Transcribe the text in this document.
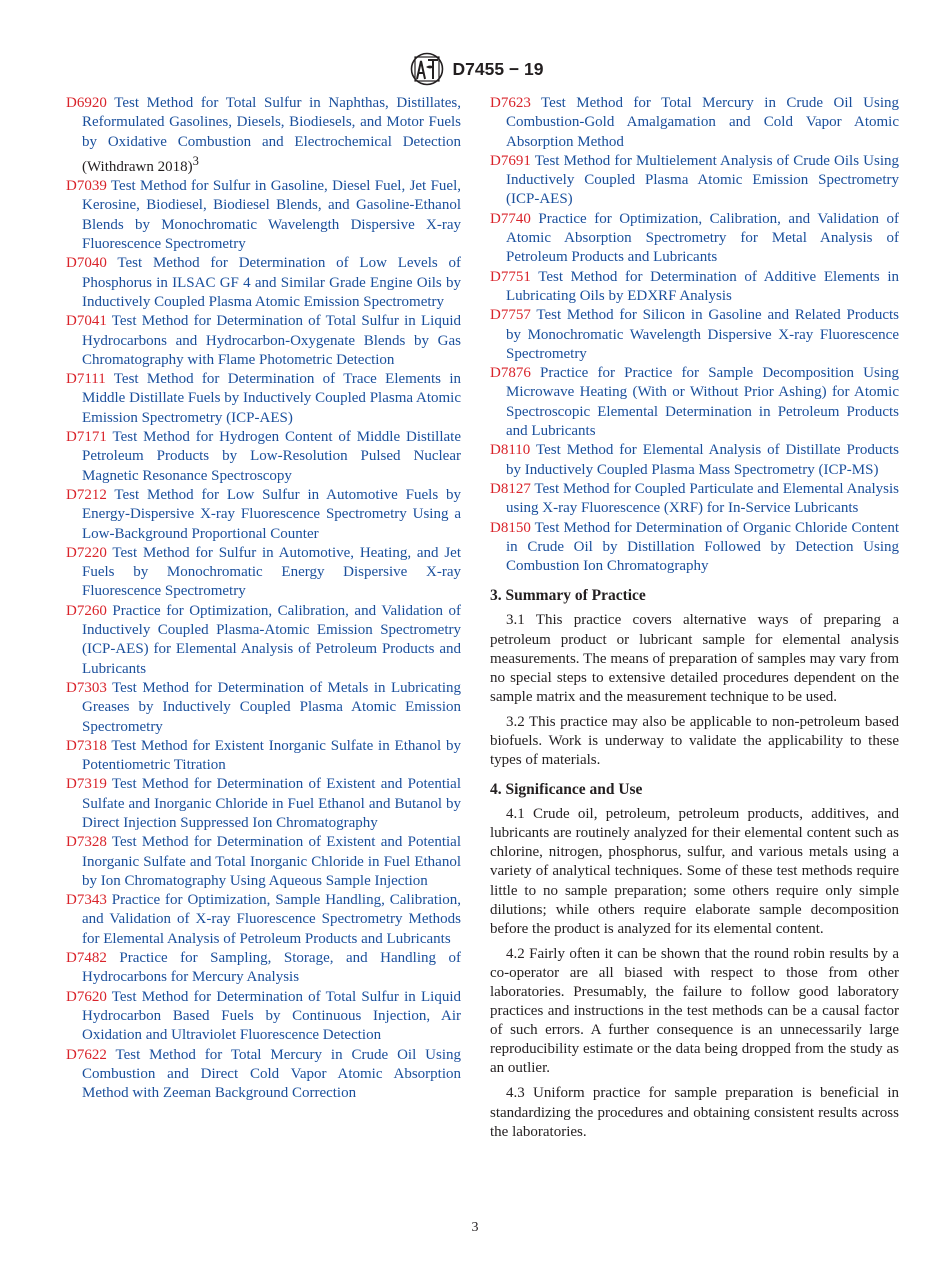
D7455 − 19

D6920 Test Method for Total Sulfur in Naphthas, Distillates, Reformulated Gasolines, Diesels, Biodiesels, and Motor Fuels by Oxidative Combustion and Electrochemical Detection (Withdrawn 2018)$^3$

D7039 Test Method for Sulfur in Gasoline, Diesel Fuel, Jet Fuel, Kerosine, Biodiesel, Biodiesel Blends, and Gasoline-Ethanol Blends by Monochromatic Wavelength Dispersive X-ray Fluorescence Spectrometry

D7040 Test Method for Determination of Low Levels of Phosphorus in ILSAC GF 4 and Similar Grade Engine Oils by Inductively Coupled Plasma Atomic Emission Spectrometry

D7041 Test Method for Determination of Total Sulfur in Liquid Hydrocarbons and Hydrocarbon-Oxygenate Blends by Gas Chromatography with Flame Photometric Detection

D7111 Test Method for Determination of Trace Elements in Middle Distillate Fuels by Inductively Coupled Plasma Atomic Emission Spectrometry (ICP-AES)

D7171 Test Method for Hydrogen Content of Middle Distillate Petroleum Products by Low-Resolution Pulsed Nuclear Magnetic Resonance Spectroscopy

D7212 Test Method for Low Sulfur in Automotive Fuels by Energy-Dispersive X-ray Fluorescence Spectrometry Using a Low-Background Proportional Counter

D7220 Test Method for Sulfur in Automotive, Heating, and Jet Fuels by Monochromatic Energy Dispersive X-ray Fluorescence Spectrometry

D7260 Practice for Optimization, Calibration, and Validation of Inductively Coupled Plasma-Atomic Emission Spectrometry (ICP-AES) for Elemental Analysis of Petroleum Products and Lubricants

D7303 Test Method for Determination of Metals in Lubricating Greases by Inductively Coupled Plasma Atomic Emission Spectrometry

D7318 Test Method for Existent Inorganic Sulfate in Ethanol by Potentiometric Titration

D7319 Test Method for Determination of Existent and Potential Sulfate and Inorganic Chloride in Fuel Ethanol and Butanol by Direct Injection Suppressed Ion Chromatography

D7328 Test Method for Determination of Existent and Potential Inorganic Sulfate and Total Inorganic Chloride in Fuel Ethanol by Ion Chromatography Using Aqueous Sample Injection

D7343 Practice for Optimization, Sample Handling, Calibration, and Validation of X-ray Fluorescence Spectrometry Methods for Elemental Analysis of Petroleum Products and Lubricants

D7482 Practice for Sampling, Storage, and Handling of Hydrocarbons for Mercury Analysis

D7620 Test Method for Determination of Total Sulfur in Liquid Hydrocarbon Based Fuels by Continuous Injection, Air Oxidation and Ultraviolet Fluorescence Detection

D7622 Test Method for Total Mercury in Crude Oil Using Combustion and Direct Cold Vapor Atomic Absorption Method with Zeeman Background Correction

D7623 Test Method for Total Mercury in Crude Oil Using Combustion-Gold Amalgamation and Cold Vapor Atomic Absorption Method

D7691 Test Method for Multielement Analysis of Crude Oils Using Inductively Coupled Plasma Atomic Emission Spectrometry (ICP-AES)

D7740 Practice for Optimization, Calibration, and Validation of Atomic Absorption Spectrometry for Metal Analysis of Petroleum Products and Lubricants

D7751 Test Method for Determination of Additive Elements in Lubricating Oils by EDXRF Analysis

D7757 Test Method for Silicon in Gasoline and Related Products by Monochromatic Wavelength Dispersive X-ray Fluorescence Spectrometry

D7876 Practice for Practice for Sample Decomposition Using Microwave Heating (With or Without Prior Ashing) for Atomic Spectroscopic Elemental Determination in Petroleum Products and Lubricants

D8110 Test Method for Elemental Analysis of Distillate Products by Inductively Coupled Plasma Mass Spectrometry (ICP-MS)

D8127 Test Method for Coupled Particulate and Elemental Analysis using X-ray Fluorescence (XRF) for In-Service Lubricants

D8150 Test Method for Determination of Organic Chloride Content in Crude Oil by Distillation Followed by Detection Using Combustion Ion Chromatography

3. Summary of Practice

3.1 This practice covers alternative ways of preparing a petroleum product or lubricant sample for elemental analysis measurements. The means of preparation of samples may vary from no special steps to extensive detailed procedures dependent on the sample matrix and the measurement technique to be used.

3.2 This practice may also be applicable to non-petroleum based biofuels. Work is underway to validate the applicability to these types of materials.

4. Significance and Use

4.1 Crude oil, petroleum, petroleum products, additives, and lubricants are routinely analyzed for their elemental content such as chlorine, nitrogen, phosphorus, sulfur, and various metals using a variety of analytical techniques. Some of these test methods require little to no sample preparation; some others require only simple dilutions; while others require elaborate sample decomposition before the product is analyzed for its elemental content.

4.2 Fairly often it can be shown that the round robin results by a co-operator are all biased with respect to those from other laboratories. Presumably, the failure to follow good laboratory practices and instructions in the test methods can be a causal factor of such errors. A further consequence is an unnecessarily large reproducibility estimate or the data being dropped from the study as an outlier.

4.3 Uniform practice for sample preparation is beneficial in standardizing the procedures and obtaining consistent results across the laboratories.

3
